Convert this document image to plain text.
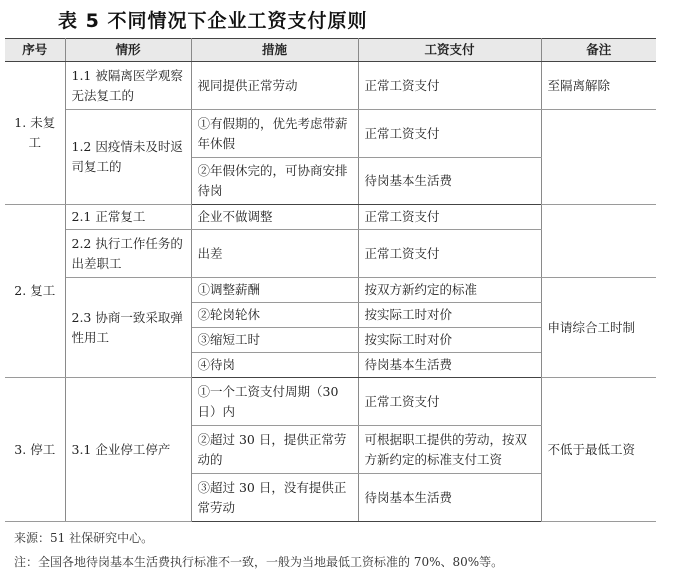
表 5 不同情况下企业工资支付原则
序号	情形	措施	工资支付	备注
1. 未复工	1.1 被隔离医学观察无法复工的	视同提供正常劳动	正常工资支付	至隔离解除
	1.2 因疫情未及时返司复工的	①有假期的，优先考虑带薪年休假	正常工资支付	
		②年假休完的，可协商安排待岗	待岗基本生活费	
2. 复工	2.1 正常复工	企业不做调整	正常工资支付	
	2.2 执行工作任务的出差职工	出差	正常工资支付	
	2.3 协商一致采取弹性用工	①调整薪酬	按双方新约定的标准	申请综合工时制
		②轮岗轮休	按实际工时对价	
		③缩短工时	按实际工时对价	
		④待岗	待岗基本生活费	
3. 停工	3.1 企业停工停产	①一个工资支付周期（30日）内	正常工资支付	不低于最低工资
		②超过 30 日，提供正常劳动的	可根据职工提供的劳动，按双方新约定的标准支付工资	
		③超过 30 日，没有提供正常劳动	待岗基本生活费	
来源：51 社保研究中心。
注：全国各地待岗基本生活费执行标准不一致，一般为当地最低工资标准的 70%、80%等。
